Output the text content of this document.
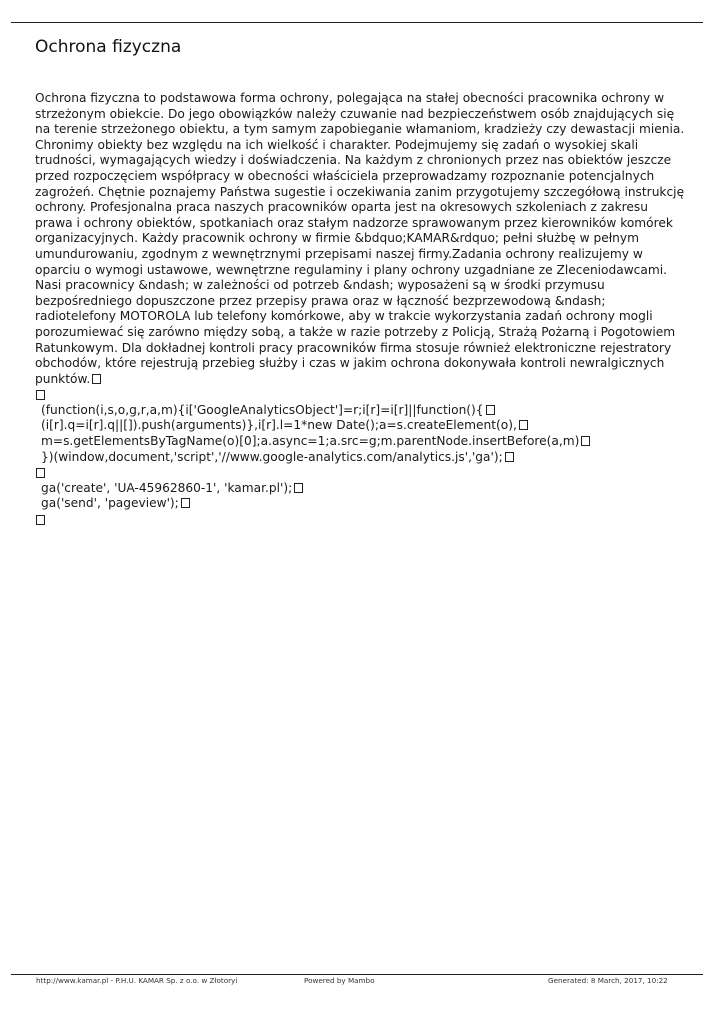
Ochrona fizyczna

Ochrona fizyczna to podstawowa forma ochrony, polegająca na stałej obecności pracownika ochrony w strzeżonym obiekcie. Do jego obowiązków należy czuwanie nad bezpieczeństwem osób znajdujących się na terenie strzeżonego obiektu, a tym samym zapobieganie włamaniom, kradzieży czy dewastacji mienia. Chronimy obiekty bez względu na ich wielkość i charakter. Podejmujemy się zadań o wysokiej skali trudności, wymagających wiedzy i doświadczenia. Na każdym z chronionych przez nas obiektów jeszcze przed rozpoczęciem współpracy w obecności właściciela przeprowadzamy rozpoznanie potencjalnych zagrożeń. Chętnie poznajemy Państwa sugestie i oczekiwania zanim przygotujemy szczegółową instrukcję ochrony. Profesjonalna praca naszych pracowników oparta jest na okresowych szkoleniach z zakresu prawa i ochrony obiektów, spotkaniach oraz stałym nadzorze sprawowanym przez kierowników komórek organizacyjnych. Każdy pracownik ochrony w firmie &bdquo;KAMAR&rdquo; pełni służbę w pełnym umundurowaniu, zgodnym z wewnętrznymi przepisami naszej firmy.Zadania ochrony realizujemy w oparciu o wymogi ustawowe, wewnętrzne regulaminy i plany ochrony uzgadniane ze Zleceniodawcami. Nasi pracownicy &ndash; w zależności od potrzeb &ndash; wyposażeni są w środki przymusu bezpośredniego dopuszczone przez przepisy prawa oraz w łączność bezprzewodową &ndash; radiotelefony MOTOROLA lub telefony komórkowe, aby w trakcie wykorzystania zadań ochrony mogli porozumiewać się zarówno między sobą, a także w razie potrzeby z Policją, Strażą Pożarną i Pogotowiem Ratunkowym. Dla dokładnej kontroli pracy pracowników firma stosuje również elektroniczne rejestratory obchodów, które rejestrują przebieg służby i czas w jakim ochrona dokonywała kontroli newralgicznych punktów.

(function(i,s,o,g,r,a,m){i['GoogleAnalyticsObject']=r;i[r]=i[r]||function(){
(i[r].q=i[r].q||[]).push(arguments)},i[r].l=1*new Date();a=s.createElement(o),
m=s.getElementsByTagName(o)[0];a.async=1;a.src=g;m.parentNode.insertBefore(a,m)
})(window,document,'script','//www.google-analytics.com/analytics.js','ga');
ga('create', 'UA-45962860-1', 'kamar.pl');
ga('send', 'pageview');
http://www.kamar.pl - P.H.U. KAMAR Sp. z o.o. w Złotoryi	Powered by Mambo	Generated: 8 March, 2017, 10:22
